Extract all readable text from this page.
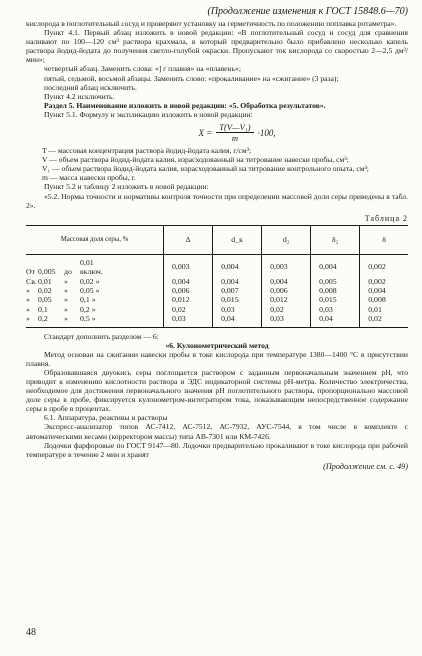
(Продолжение изменения к ГОСТ 15848.6—70)

кислорода в поглотительный сосуд и проверяют установку на герметичность по положению поплавка ротаметра».

Пункт 4.1. Первый абзац изложить в новой редакции: «В поглотительный сосуд и сосуд для сравнения наливают по 100—120 см³ раствора крахмала, в который предварительно было прибавлено несколько капель раствора йодид-йодата до получения светло-голубой окраски. Пропускают ток кислорода со скоростью 2—2,5 дм³/мин»;

четвертый абзац. Заменить слова: «] г плавня» на «плавень»;

пятый, седьмой, восьмой абзацы. Заменить слово: «прокаливание» на «сжигание» (3 раза);

последний абзац исключить.

Пункт 4.2 исключить.

Раздел 5. Наименование изложить в новой редакции: «5. Обработка результатов».

Пункт 5.1. Формулу и экспликацию изложить в новой редакции:

$X = \frac{\text{T(V—V₁)}}{m} \cdot 100$,

T — массовая концентрация раствора йодид-йодата калия, г/см³;

V — объем раствора йодид-йодата калия, израсходованный на титрование навески пробы, см³;

V₁ — объем раствора йодид-йодата калия, израсходованный на титрование контрольного опыта, см³;

m — масса навески пробы, г.

Пункт 5.2 и таблицу 2 изложить в новой редакции:

«5.2. Нормы точности и нормативы контроля точности при определении массовой доли серы приведены в табл. 2».

Таблица 2
Массовая доля серы, %	Δ	d_к	d₂	δ₂	δ
От 0,005 до0,01 включ.	0,003	0,004	0,003	0,004	0,002
Св.0,01 » 0,02 »	0,004	0,004	0,004	0,005	0,002
» 0,02 » 0,05 »	0,006	0,007	0,006	0,008	0,004
» 0,05 » 0,1 »	0,012	0,015	0,012	0,015	0,008
» 0,1 » 0,2 »	0,02	0,03	0,02	0,03	0,01
» 0,2 » 0,5 »	0,03	0,04	0,03	0,04	0,02

Стандарт дополнить разделом — 6:

«6. Кулонометрический метод

Метод основан на сжигании навески пробы в токе кислорода при температуре 1380—1400 °C в присутствии плавня.

Образовавшаяся двуокись серы поглощается раствором с заданным первоначальным значением pH, что приводит к изменению кислотности раствора и ЭДС индикаторной системы pH-метра. Количество электричества, необходимое для достижения первоначального значения pH поглотительного раствора, пропорционально массовой доле серы в пробе, фиксируется кулонометром-интегратором тока, показывающим непосредственное содержание серы в пробе в процентах.

6.1. Аппаратура, реактивы и растворы

Экспресс-анализатор типов АС-7412, АС-7512, АС-7932, АУС-7544, в том числе в комплекте с автоматическими весами (корректором массы) типа АВ-7301 или КМ-7426.

Лодочки фарфоровые по ГОСТ 9147—80. Лодочки предварительно прокаливают в токе кислорода при рабочей температуре в течение 2 мин и хранят

(Продолжение см. с. 49)
48
